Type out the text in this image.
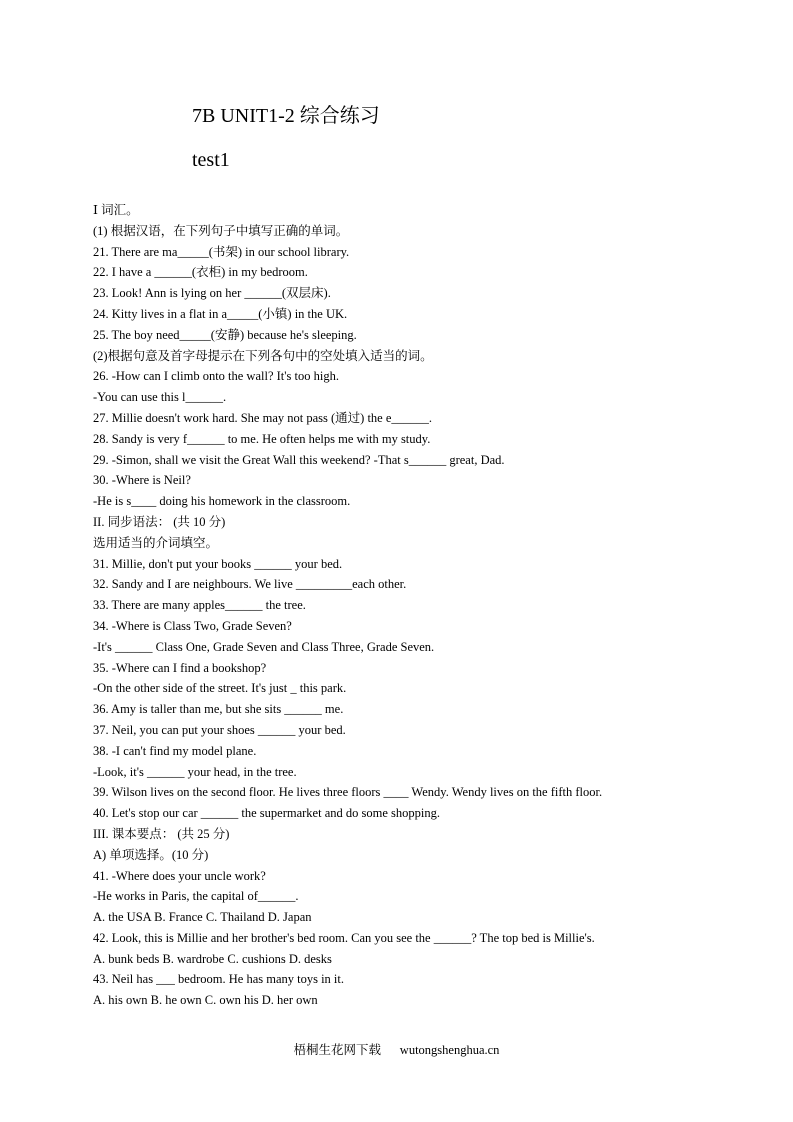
7B UNIT1-2 综合练习
test1
Ⅰ 词汇。
(1) 根据汉语，在下列句子中填写正确的单词。
21. There are ma_____(书架) in our school library.
22. I have a ______(衣柜) in my bedroom.
23. Look! Ann is lying on her ______(双层床).
24. Kitty lives in a flat in a_____(小镇) in the UK.
25. The boy need_____(安静) because he's sleeping.
(2)根据句意及首字母提示在下列各句中的空处填入适当的词。
26. -How can I climb onto the wall? It's too high.
-You can use this l______.
27. Millie doesn't work hard. She may not pass (通过) the e______.
28. Sandy is very f______ to me. He often helps me with my study.
29. -Simon, shall we visit the Great Wall this weekend? -That s______ great, Dad.
30. -Where is Neil?
-He is s____ doing his homework in the classroom.
II. 同步语法： (共 10 分)
选用适当的介词填空。
31. Millie, don't put your books ______ your bed.
32. Sandy and I are neighbours. We live _________each other.
33. There are many apples______ the tree.
34. -Where is Class Two, Grade Seven?
-It's ______ Class One, Grade Seven and Class Three, Grade Seven.
35. -Where can I find a bookshop?
-On the other side of the street. It's just _ this park.
36. Amy is taller than me, but she sits ______ me.
37. Neil, you can put your shoes ______ your bed.
38. -I can't find my model plane.
-Look, it's ______ your head, in the tree.
39. Wilson lives on the second floor. He lives three floors ____ Wendy. Wendy lives on the fifth floor.
40. Let's stop our car ______ the supermarket and do some shopping.
III. 课本要点： (共 25 分)
A) 单项选择。(10 分)
41. -Where does your uncle work?
-He works in Paris, the capital of______.
A. the USA B. France C. Thailand D. Japan
42. Look, this is Millie and her brother's bed room. Can you see the ______? The top bed is Millie's.
A. bunk beds B. wardrobe C. cushions D. desks
43. Neil has ___ bedroom. He has many toys in it.
A. his own B. he own C. own his D. her own
梧桐生花网下载      wutongshenghua.cn
